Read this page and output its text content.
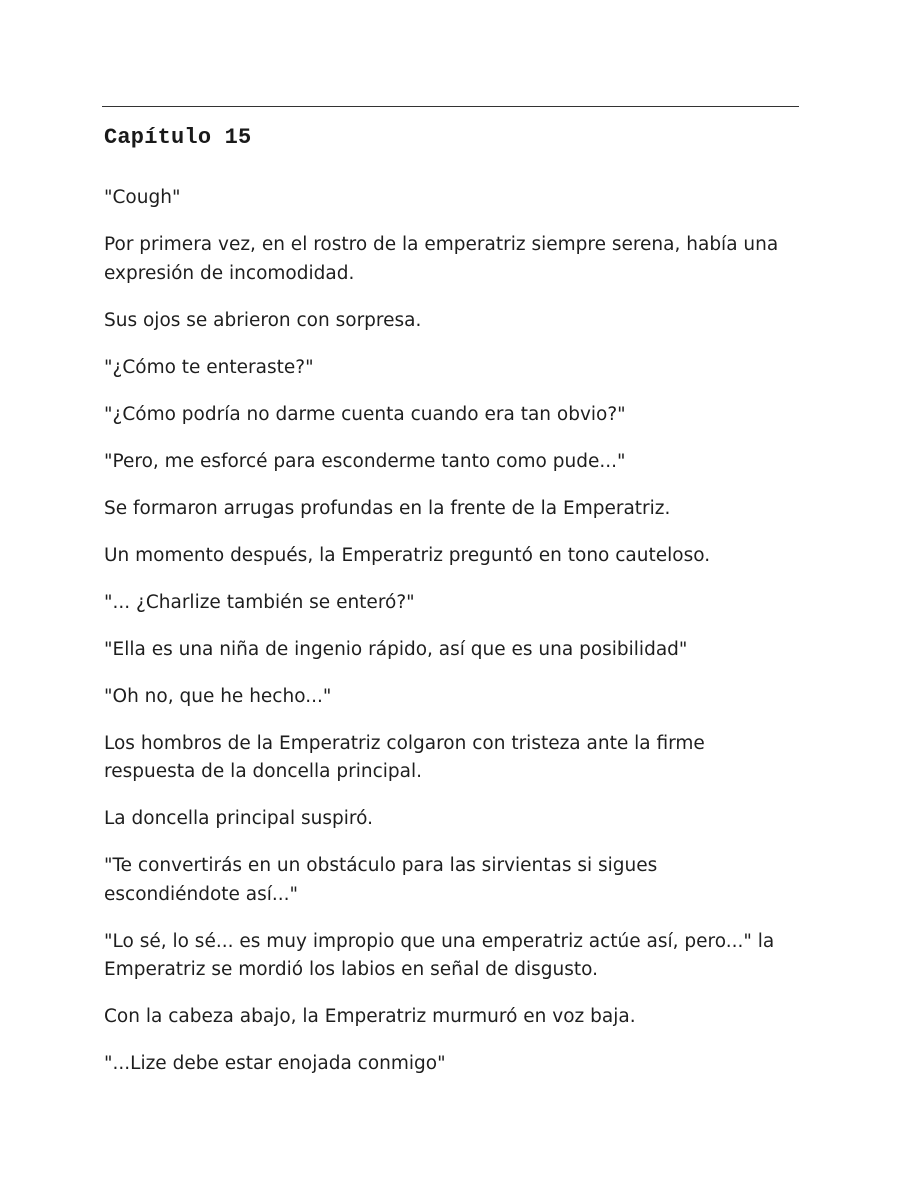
Capítulo 15

"Cough"

Por primera vez, en el rostro de la emperatriz siempre serena, había una expresión de incomodidad.

Sus ojos se abrieron con sorpresa.

"¿Cómo te enteraste?"

"¿Cómo podría no darme cuenta cuando era tan obvio?"

"Pero, me esforcé para esconderme tanto como pude..."

Se formaron arrugas profundas en la frente de la Emperatriz.

Un momento después, la Emperatriz preguntó en tono cauteloso.

"... ¿Charlize también se enteró?"

"Ella es una niña de ingenio rápido, así que es una posibilidad"

"Oh no, que he hecho..."

Los hombros de la Emperatriz colgaron con tristeza ante la firme respuesta de la doncella principal.

La doncella principal suspiró.

"Te convertirás en un obstáculo para las sirvientas si sigues escondiéndote así..."

"Lo sé, lo sé... es muy impropio que una emperatriz actúe así, pero..." la Emperatriz se mordió los labios en señal de disgusto.

Con la cabeza abajo, la Emperatriz murmuró en voz baja.

"...Lize debe estar enojada conmigo"
